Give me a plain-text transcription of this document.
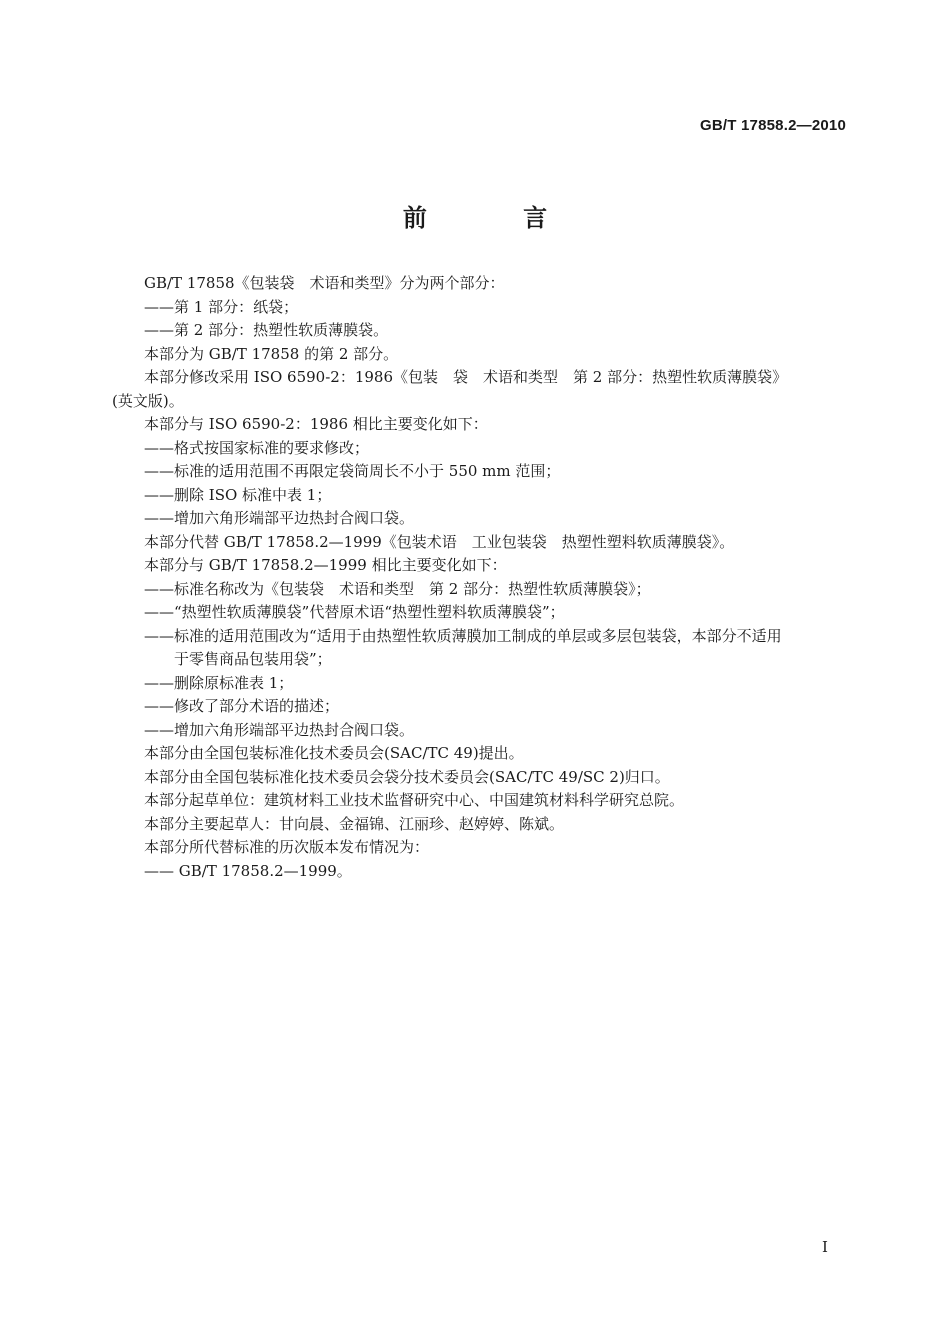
GB/T 17858.2—2010
前 言
GB/T 17858《包装袋　术语和类型》分为两个部分：
——第 1 部分：纸袋；
——第 2 部分：热塑性软质薄膜袋。
本部分为 GB/T 17858 的第 2 部分。
本部分修改采用 ISO 6590-2：1986《包装　袋　术语和类型　第 2 部分：热塑性软质薄膜袋》
(英文版)。
本部分与 ISO 6590-2：1986 相比主要变化如下：
——格式按国家标准的要求修改；
——标准的适用范围不再限定袋筒周长不小于 550 mm 范围；
——删除 ISO 标准中表 1；
——增加六角形端部平边热封合阀口袋。
本部分代替 GB/T 17858.2—1999《包装术语　工业包装袋　热塑性塑料软质薄膜袋》。
本部分与 GB/T 17858.2—1999 相比主要变化如下：
——标准名称改为《包装袋　术语和类型　第 2 部分：热塑性软质薄膜袋》；
——“热塑性软质薄膜袋”代替原术语“热塑性塑料软质薄膜袋”；
——标准的适用范围改为“适用于由热塑性软质薄膜加工制成的单层或多层包装袋，本部分不适用
于零售商品包装用袋”；
——删除原标准表 1；
——修改了部分术语的描述；
——增加六角形端部平边热封合阀口袋。
本部分由全国包装标准化技术委员会(SAC/TC 49)提出。
本部分由全国包装标准化技术委员会袋分技术委员会(SAC/TC 49/SC 2)归口。
本部分起草单位：建筑材料工业技术监督研究中心、中国建筑材料科学研究总院。
本部分主要起草人：甘向晨、金福锦、江丽珍、赵婷婷、陈斌。
本部分所代替标准的历次版本发布情况为：
—— GB/T 17858.2—1999。
I
